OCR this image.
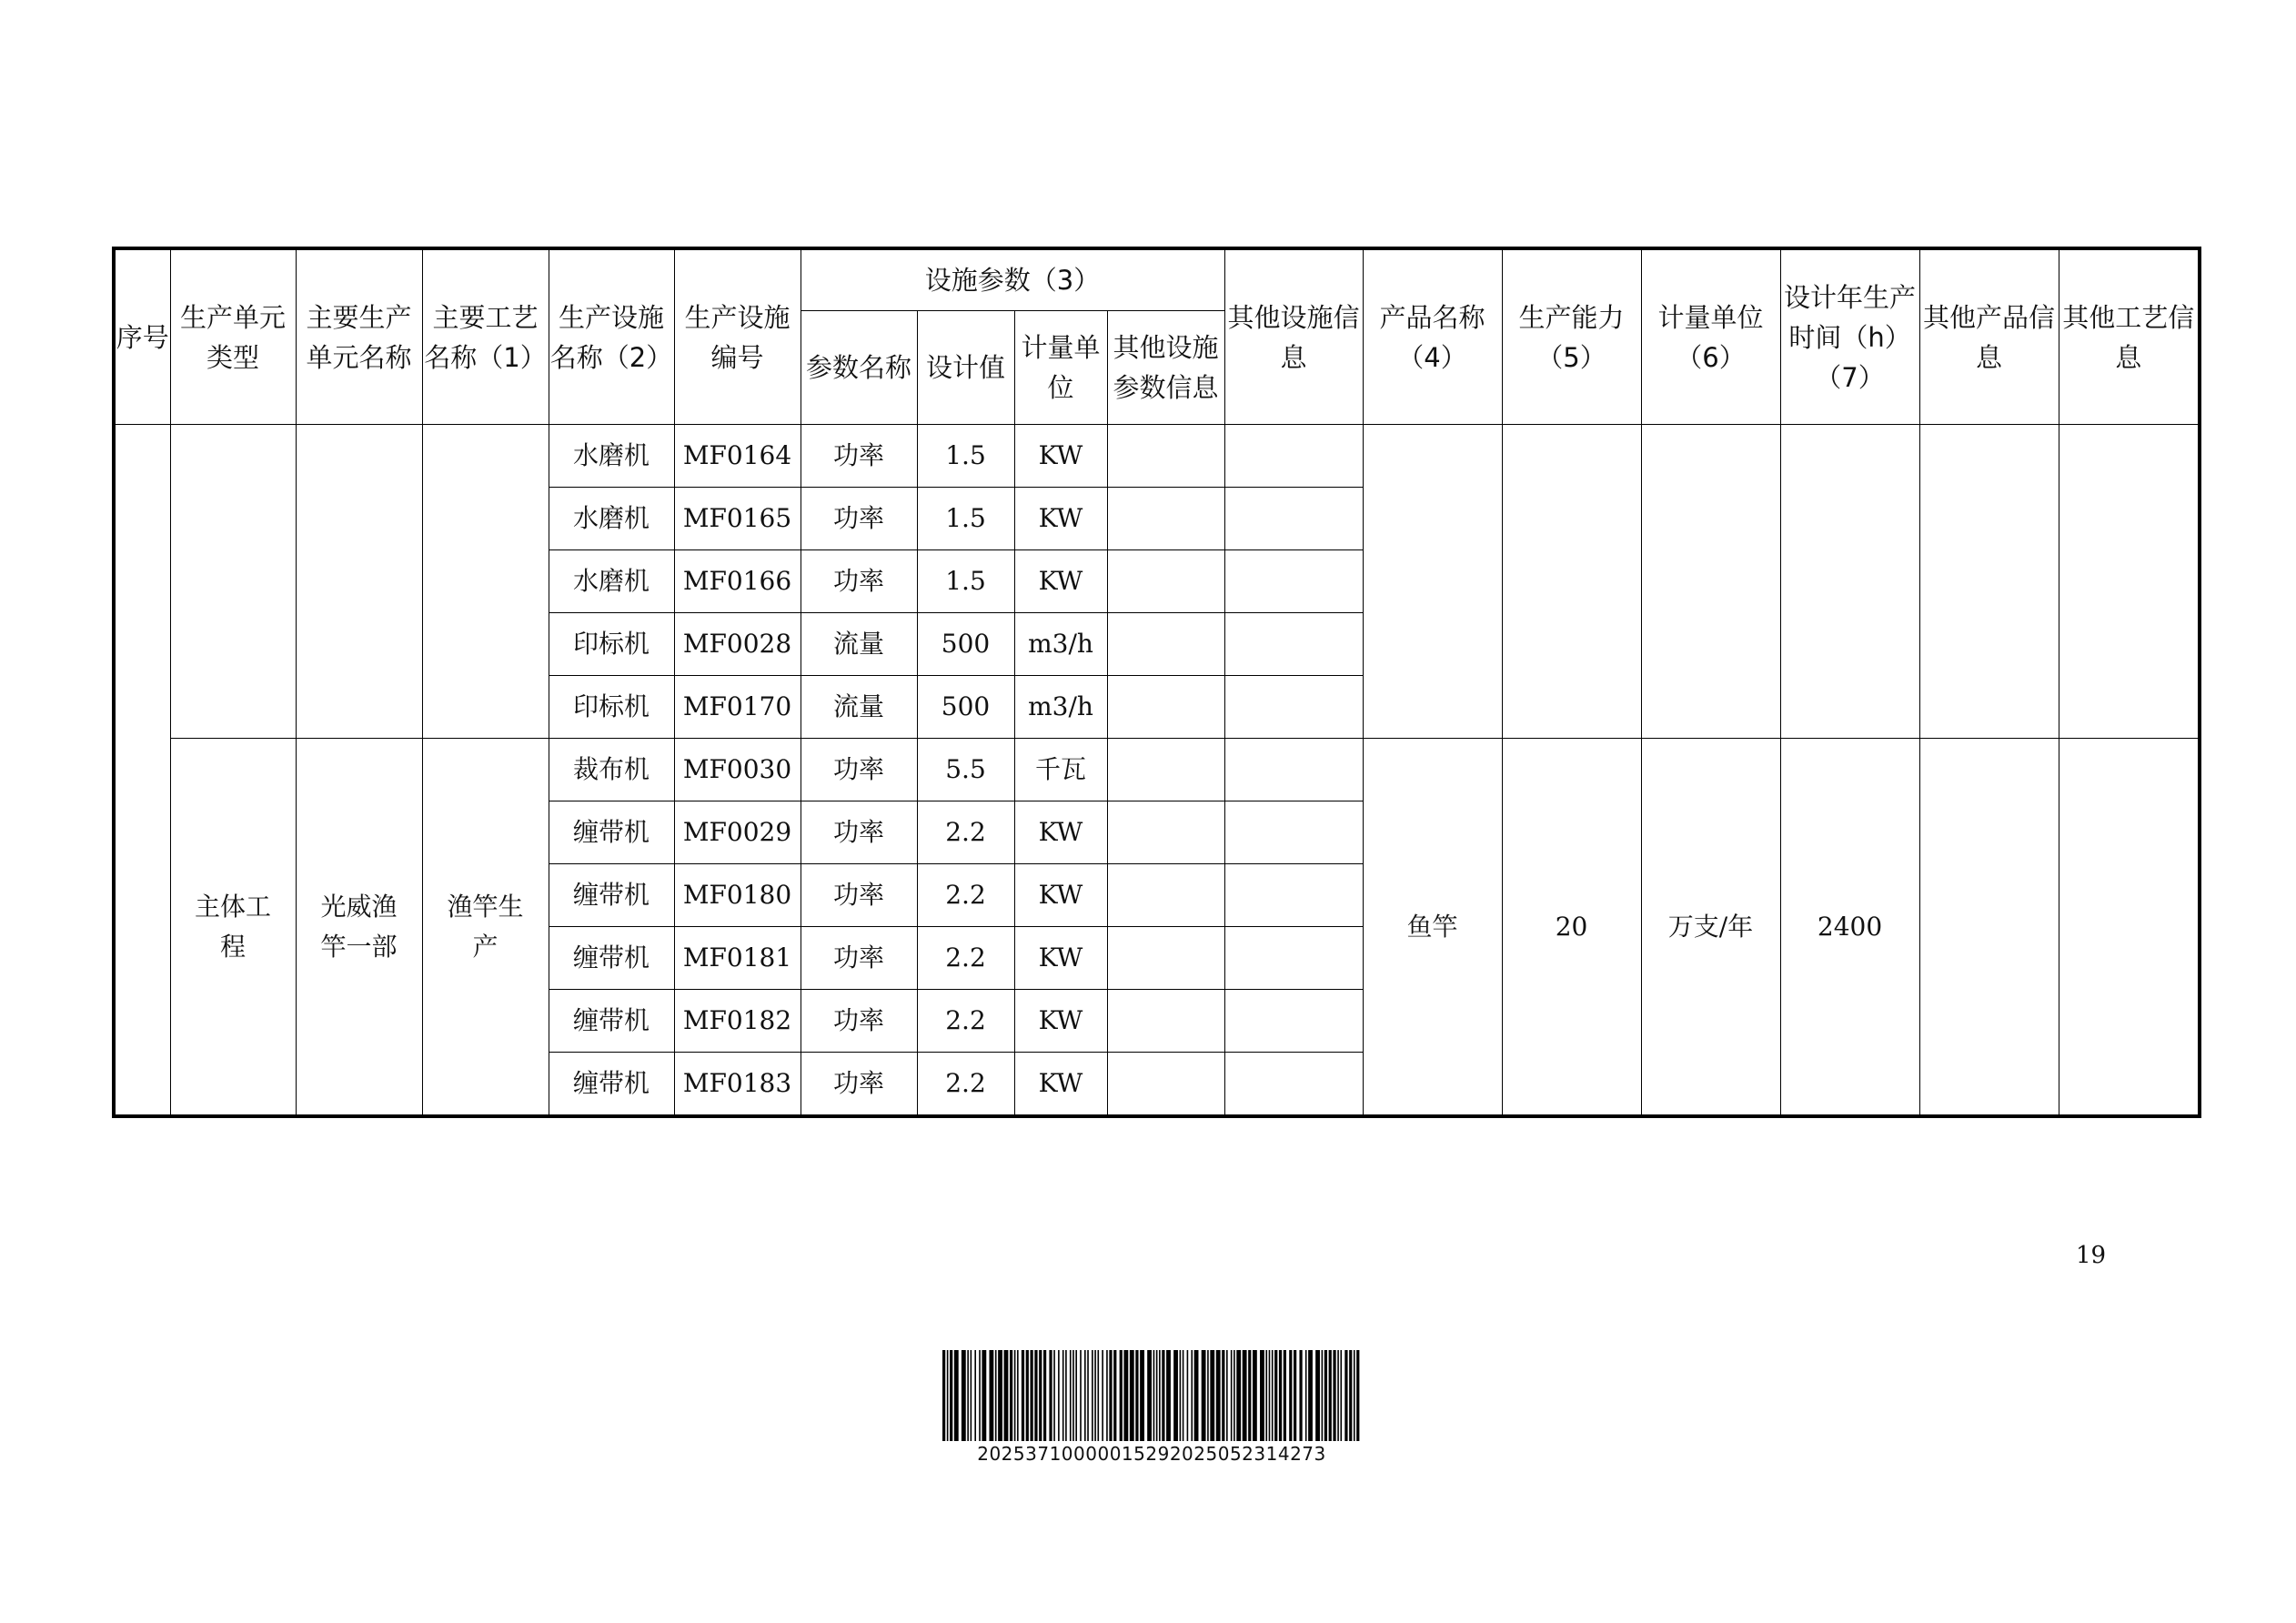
序号	生产单元类型	主要生产单元名称	主要工艺名称（1）	生产设施名称（2）	生产设施编号	设施参数（3）				其他设施信息	产品名称（4）	生产能力（5）	计量单位（6）	设计年生产时间（h）（7）	其他产品信息	其他工艺信息
						参数名称	设计值	计量单位	其他设施参数信息							
				水磨机	MF0164	功率	1.5	KW								
				水磨机	MF0165	功率	1.5	KW								
				水磨机	MF0166	功率	1.5	KW								
				印标机	MF0028	流量	500	m3/h								
				印标机	MF0170	流量	500	m3/h								
	主体工程	光威渔竿一部	渔竿生产	裁布机	MF0030	功率	5.5	千瓦			鱼竿	20	万支/年	2400		
				缠带机	MF0029	功率	2.2	KW								
				缠带机	MF0180	功率	2.2	KW								
				缠带机	MF0181	功率	2.2	KW								
				缠带机	MF0182	功率	2.2	KW								
				缠带机	MF0183	功率	2.2	KW								
19
20253710000015292025052314273
